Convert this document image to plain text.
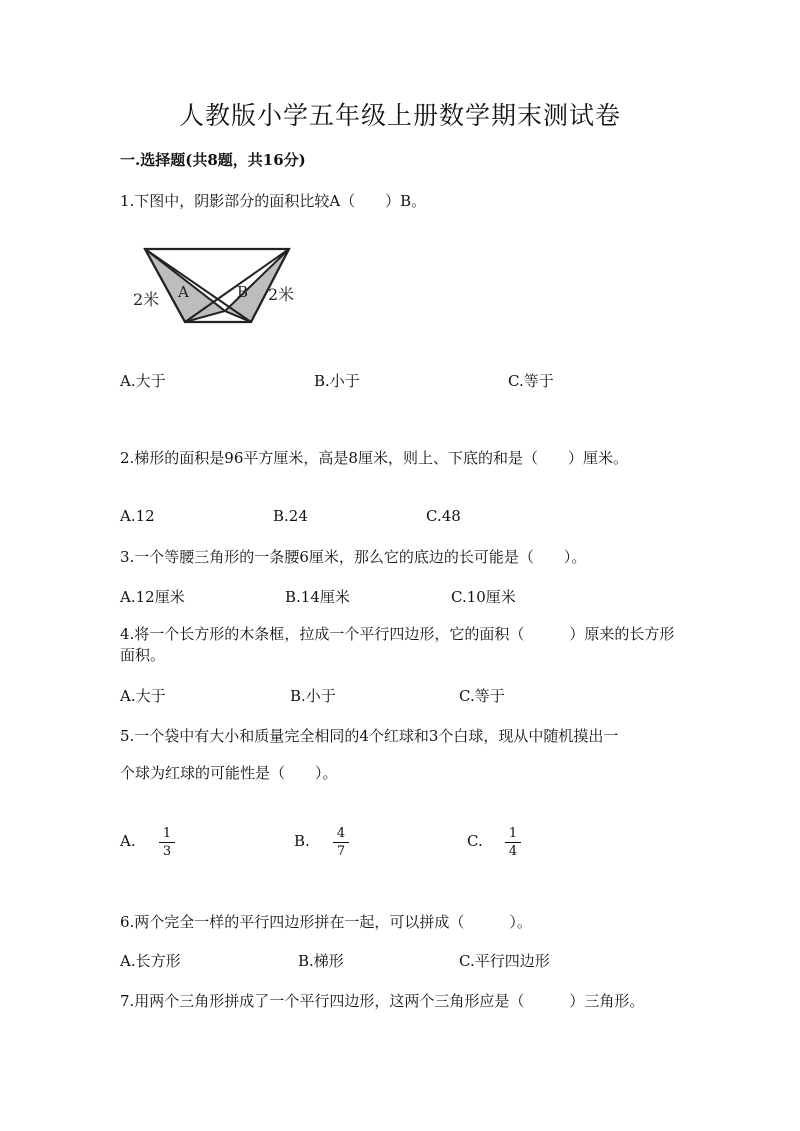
人教版小学五年级上册数学期末测试卷
一.选择题(共8题，共16分)
1.下图中，阴影部分的面积比较A（　　）B。
A	B
2米	2米
A.大于	B.小于	C.等于
2.梯形的面积是96平方厘米，高是8厘米，则上、下底的和是（　　）厘米。
A.12	B.24	C.48
3.一个等腰三角形的一条腰6厘米，那么它的底边的长可能是（　　）。
A.12厘米	B.14厘米	C.10厘米
4.将一个长方形的木条框，拉成一个平行四边形，它的面积（　　　）原来的长方形面积。
A.大于	B.小于	C.等于
5.一个袋中有大小和质量完全相同的4个红球和3个白球，现从中随机摸出一
个球为红球的可能性是（　　）。
A. 1
3
B. 4
7
C. 1
4
6.两个完全一样的平行四边形拼在一起，可以拼成（　　　）。
A.长方形	B.梯形	C.平行四边形
7.用两个三角形拼成了一个平行四边形，这两个三角形应是（　　　）三角形。
